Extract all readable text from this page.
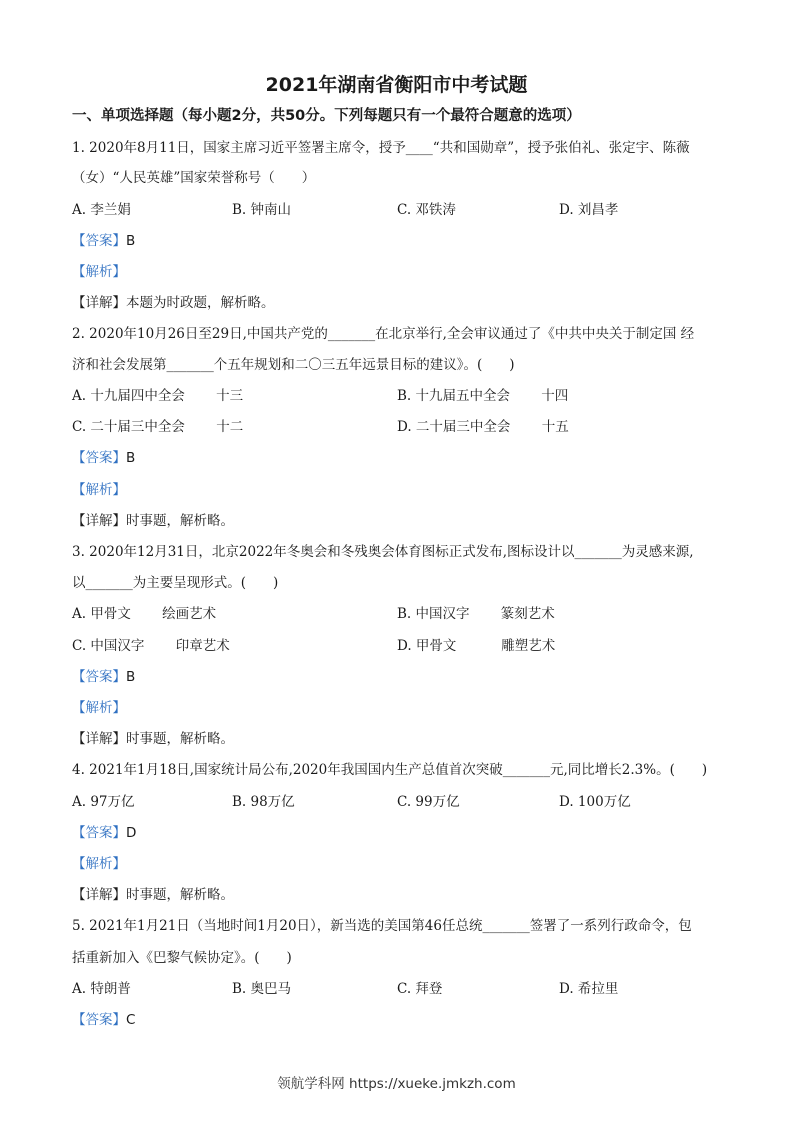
2021年湖南省衡阳市中考试题
一、单项选择题（每小题2分，共50分。下列每题只有一个最符合题意的选项）
1. 2020年8月11日，国家主席习近平签署主席令，授予____“共和国勋章”，授予张伯礼、张定宇、陈薇
（女）“人民英雄”国家荣誉称号（　　）
A. 李兰娟	B. 钟南山	C. 邓铁涛	D. 刘昌孝
【答案】B
【解析】
【详解】本题为时政题，解析略。
2. 2020年10月26日至29日,中国共产党的_______在北京举行,全会审议通过了《中共中央关于制定国 经
济和社会发展第_______个五年规划和二〇三五年远景目标的建议》。(　　)
A. 十九届四中全会　　 十三	B. 十九届五中全会　　 十四
C. 二十届三中全会　　 十二	D. 二十届三中全会　　 十五
【答案】B
【解析】
【详解】时事题，解析略。
3. 2020年12月31日，北京2022年冬奥会和冬残奥会体育图标正式发布,图标设计以_______为灵感来源,
以_______为主要呈现形式。(　　)
A. 甲骨文　　 绘画艺术	B. 中国汉字　　 篆刻艺术
C. 中国汉字　　 印章艺术	D. 甲骨文　　　 雕塑艺术
【答案】B
【解析】
【详解】时事题，解析略。
4. 2021年1月18日,国家统计局公布,2020年我国国内生产总值首次突破_______元,同比增长2.3%。(　　)
A. 97万亿	B. 98万亿	C. 99万亿	D. 100万亿
【答案】D
【解析】
【详解】时事题，解析略。
5. 2021年1月21日（当地时间1月20日），新当选的美国第46任总统_______签署了一系列行政命令，包
括重新加入《巴黎气候协定》。(　　)
A. 特朗普	B. 奥巴马	C. 拜登	D. 希拉里
【答案】C
领航学科网 https://xueke.jmkzh.com
